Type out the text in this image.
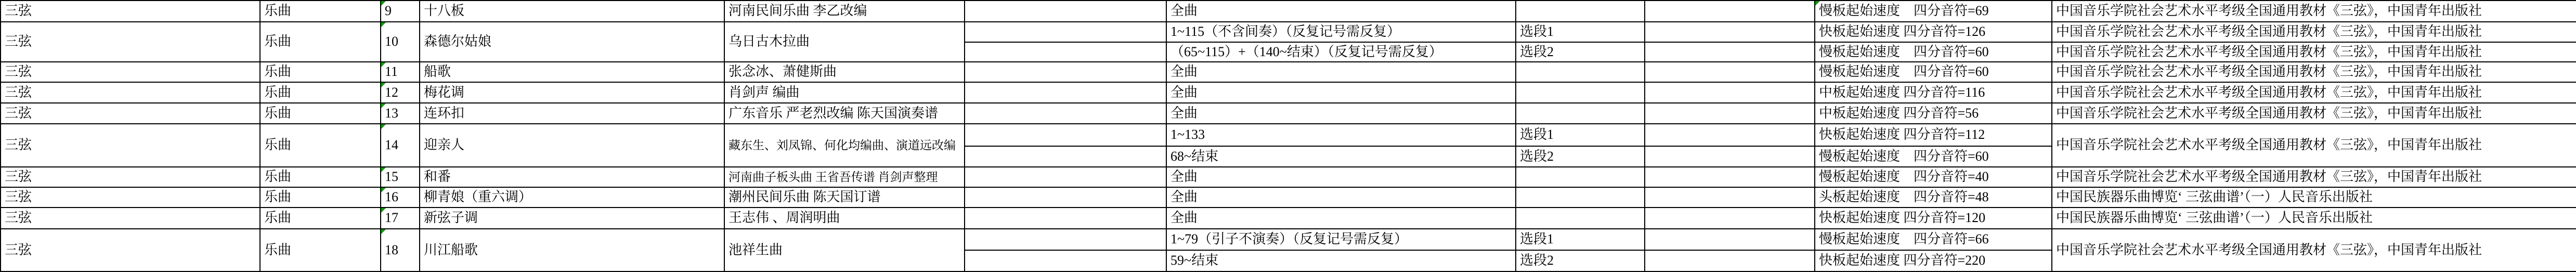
三弦	乐曲	9	十八板	河南民间乐曲 李乙改编		全曲			慢板起始速度　四分音符=69	中国音乐学院社会艺术水平考级全国通用教材《三弦》，中国青年出版社
三弦	乐曲	10	森德尔姑娘	乌日古木拉曲		1~115（不含间奏）（反复记号需反复）	选段1		快板起始速度 四分音符=126	中国音乐学院社会艺术水平考级全国通用教材《三弦》，中国青年出版社
						（65~115）+（140~结束）（反复记号需反复）	选段2		慢板起始速度　四分音符=60	中国音乐学院社会艺术水平考级全国通用教材《三弦》，中国青年出版社
三弦	乐曲	11	船歌	张念冰、萧健斯曲		全曲			慢板起始速度　四分音符=60	中国音乐学院社会艺术水平考级全国通用教材《三弦》，中国青年出版社
三弦	乐曲	12	梅花调	肖剑声 编曲		全曲			中板起始速度 四分音符=116	中国音乐学院社会艺术水平考级全国通用教材《三弦》，中国青年出版社
三弦	乐曲	13	连环扣	广东音乐 严老烈改编 陈天国演奏谱		全曲			中板起始速度 四分音符=56	中国音乐学院社会艺术水平考级全国通用教材《三弦》，中国青年出版社
三弦	乐曲	14	迎亲人	藏东生、刘凤锦、何化均编曲、演道远改编		1~133	选段1		快板起始速度 四分音符=112	中国音乐学院社会艺术水平考级全国通用教材《三弦》，中国青年出版社
						68~结束	选段2		慢板起始速度　四分音符=60	
三弦	乐曲	15	和番	河南曲子板头曲 王省吾传谱 肖剑声整理		全曲			慢板起始速度　四分音符=40	中国音乐学院社会艺术水平考级全国通用教材《三弦》，中国青年出版社
三弦	乐曲	16	柳青娘（重六调）	潮州民间乐曲 陈天国订谱		全曲			头板起始速度　四分音符=48	中国民族器乐曲博览‘ 三弦曲谱’（一）人民音乐出版社
三弦	乐曲	17	新弦子调	王志伟 、周润明曲		全曲			快板起始速度 四分音符=120	中国民族器乐曲博览‘ 三弦曲谱’（一）人民音乐出版社
三弦	乐曲	18	川江船歌	池祥生曲		1~79（引子不演奏）（反复记号需反复）	选段1		慢板起始速度　四分音符=66	中国音乐学院社会艺术水平考级全国通用教材《三弦》，中国青年出版社
						59~结束	选段2		快板起始速度 四分音符=220	
